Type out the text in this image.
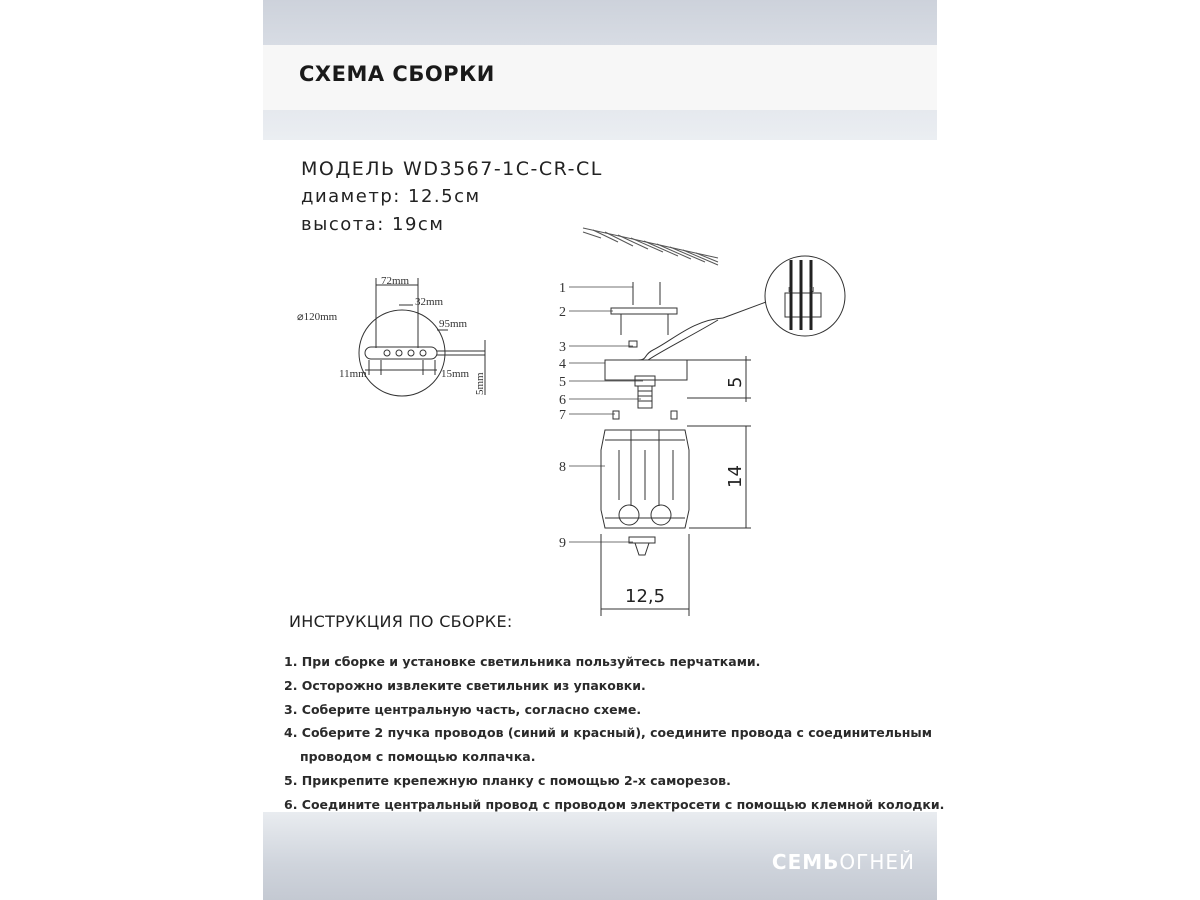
СХЕМА СБОРКИ
МОДЕЛЬ WD3567-1C-CR-CL
диаметр: 12.5см
высота: 19см
72mm
32mm
⌀120mm
95mm
11mm	15mm 5mm
L N
1
2
3
4
5
6
7
8
9
5
14
12,5
ИНСТРУКЦИЯ ПО СБОРКЕ:
1. При сборке и установке светильника пользуйтесь перчатками.
2. Осторожно извлеките светильник из упаковки.
3. Соберите центральную часть, согласно схеме.
4. Соберите 2 пучка проводов (синий и красный), соедините провода с соединительным
проводом с помощью колпачка.
5. Прикрепите крепежную планку с помощью 2-х саморезов.
6. Соедините центральный провод с проводом электросети с помощью клемной колодки.
СЕМЬОГНЕЙ
